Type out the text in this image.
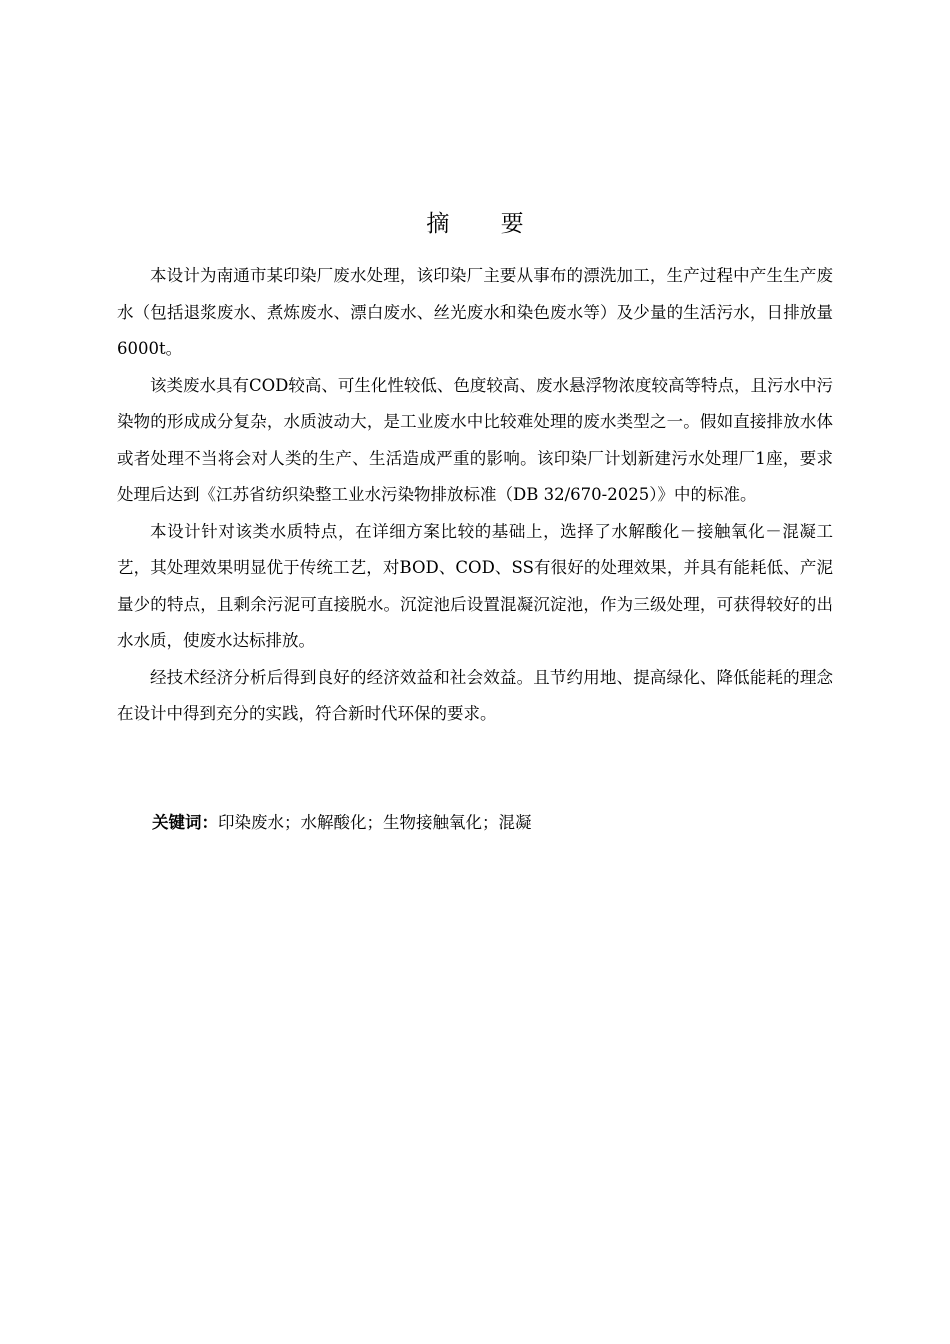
摘 要

本设计为南通市某印染厂废水处理，该印染厂主要从事布的漂洗加工，生产过程中产生生产废水（包括退浆废水、煮炼废水、漂白废水、丝光废水和染色废水等）及少量的生活污水，日排放量6000t。

该类废水具有COD较高、可生化性较低、色度较高、废水悬浮物浓度较高等特点，且污水中污染物的形成成分复杂，水质波动大，是工业废水中比较难处理的废水类型之一。假如直接排放水体或者处理不当将会对人类的生产、生活造成严重的影响。该印染厂计划新建污水处理厂1座，要求处理后达到《江苏省纺织染整工业水污染物排放标准（DB 32/670-2025）》中的标准。

本设计针对该类水质特点，在详细方案比较的基础上，选择了水解酸化－接触氧化－混凝工艺，其处理效果明显优于传统工艺，对BOD、COD、SS有很好的处理效果，并具有能耗低、产泥量少的特点，且剩余污泥可直接脱水。沉淀池后设置混凝沉淀池，作为三级处理，可获得较好的出水水质，使废水达标排放。

经技术经济分析后得到良好的经济效益和社会效益。且节约用地、提高绿化、降低能耗的理念在设计中得到充分的实践，符合新时代环保的要求。

关键词：印染废水；水解酸化；生物接触氧化；混凝
